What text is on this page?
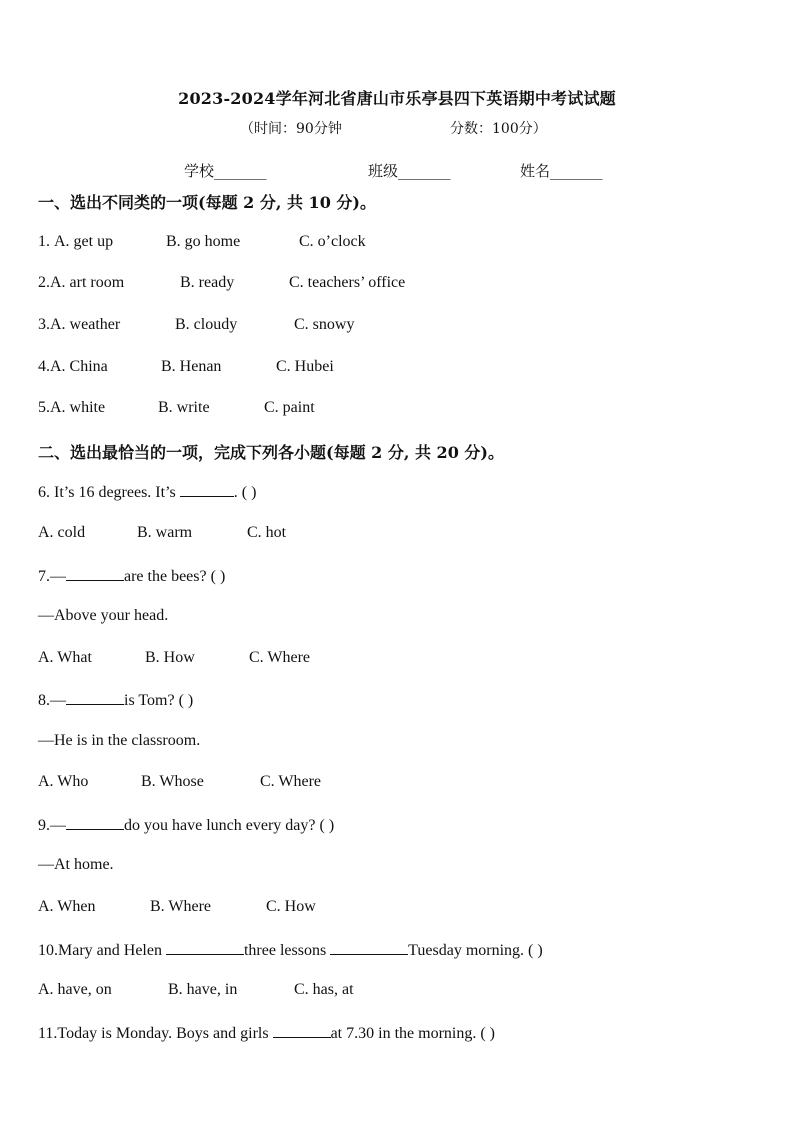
2023-2024学年河北省唐山市乐亭县四下英语期中考试试题
（时间：90分钟	分数：100分）
学校_______	班级_______	姓名_______
一、选出不同类的一项(每题 2 分, 共 10 分)。
1. A. get up	B. go home	C. o’clock
2.A. art room	B. ready	C. teachers’ office
3.A. weather	B. cloudy	C. snowy
4.A. China	B. Henan	C. Hubei
5.A. white	B. write	C. paint
二、选出最恰当的一项，完成下列各小题(每题 2 分, 共 20 分)。
6. It’s 16 degrees. It’s	. ( )
A. cold	B. warm	C. hot
7.—	are the bees? ( )
—Above your head.
A. What	B. How	C. Where
8.—	is Tom? ( )
—He is in the classroom.
A. Who	B. Whose	C. Where
9.—	do you have lunch every day? ( )
—At home.
A. When	B. Where	C. How
10.Mary and Helen	three lessons	Tuesday morning. ( )
A. have, on	B. have, in	C. has, at
11.Today is Monday. Boys and girls	at 7.30 in the morning. ( )
